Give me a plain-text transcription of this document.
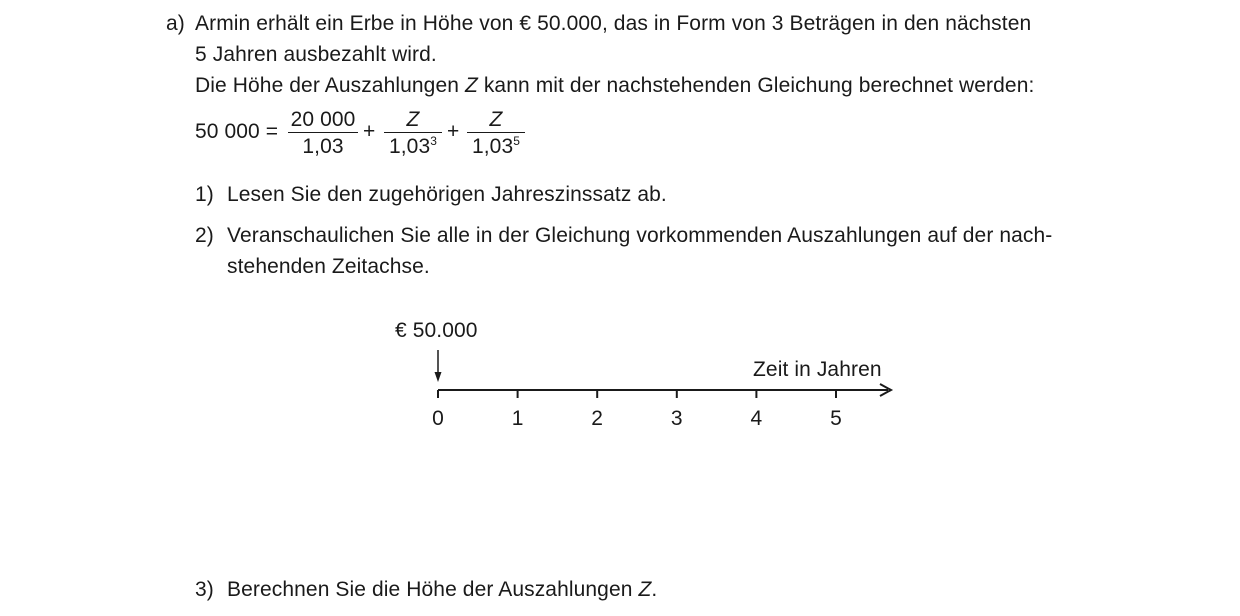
a) Armin erhält ein Erbe in Höhe von € 50.000, das in Form von 3 Beträgen in den nächsten
5 Jahren ausbezahlt wird.
Die Höhe der Auszahlungen Z kann mit der nachstehenden Gleichung berechnet werden:
50 000 =
20 000
1,03
+
Z
$1,03^3$ +
Z
1,03$^5$
1) Lesen Sie den zugehörigen Jahreszinssatz ab.
2) Veranschaulichen Sie alle in der Gleichung vorkommenden Auszahlungen auf der nach-
stehenden Zeitachse.
€ 50.000
Zeit in Jahren
0	1	2	3	4	5
3) Berechnen Sie die Höhe der Auszahlungen Z.
